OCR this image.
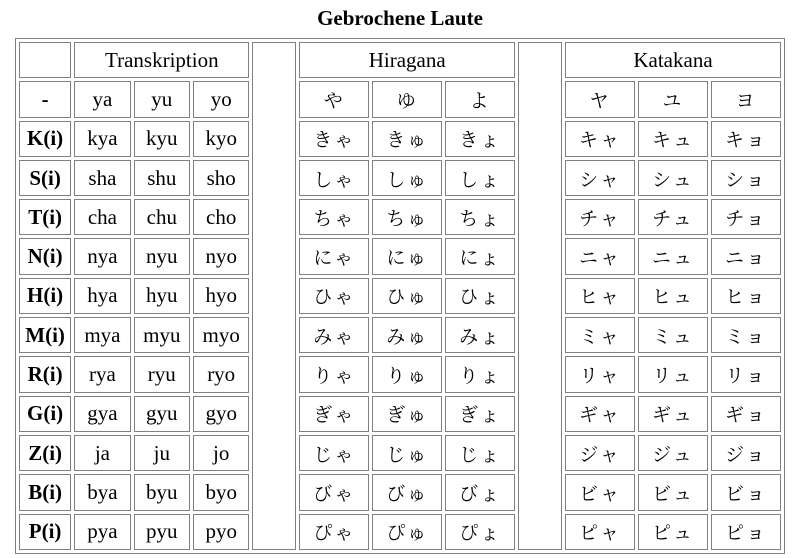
Gebrochene Laute
	Transkription				Hiragana				Katakana		
-	ya	yu	yo		や	ゆ	よ		ヤ	ユ	ヨ
K(i)	kya	kyu	kyo		きゃ	きゅ	きょ		キャ	キュ	キョ
S(i)	sha	shu	sho		しゃ	しゅ	しょ		シャ	シュ	ショ
T(i)	cha	chu	cho		ちゃ	ちゅ	ちょ		チャ	チュ	チョ
N(i)	nya	nyu	nyo		にゃ	にゅ	にょ		ニャ	ニュ	ニョ
H(i)	hya	hyu	hyo		ひゃ	ひゅ	ひょ		ヒャ	ヒュ	ヒョ
M(i)	mya	myu	myo		みゃ	みゅ	みょ		ミャ	ミュ	ミョ
R(i)	rya	ryu	ryo		りゃ	りゅ	りょ		リャ	リュ	リョ
G(i)	gya	gyu	gyo		ぎゃ	ぎゅ	ぎょ		ギャ	ギュ	ギョ
Z(i)	ja	ju	jo		じゃ	じゅ	じょ		ジャ	ジュ	ジョ
B(i)	bya	byu	byo		びゃ	びゅ	びょ		ビャ	ビュ	ビョ
P(i)	pya	pyu	pyo		ぴゃ	ぴゅ	ぴょ		ピャ	ピュ	ピョ
